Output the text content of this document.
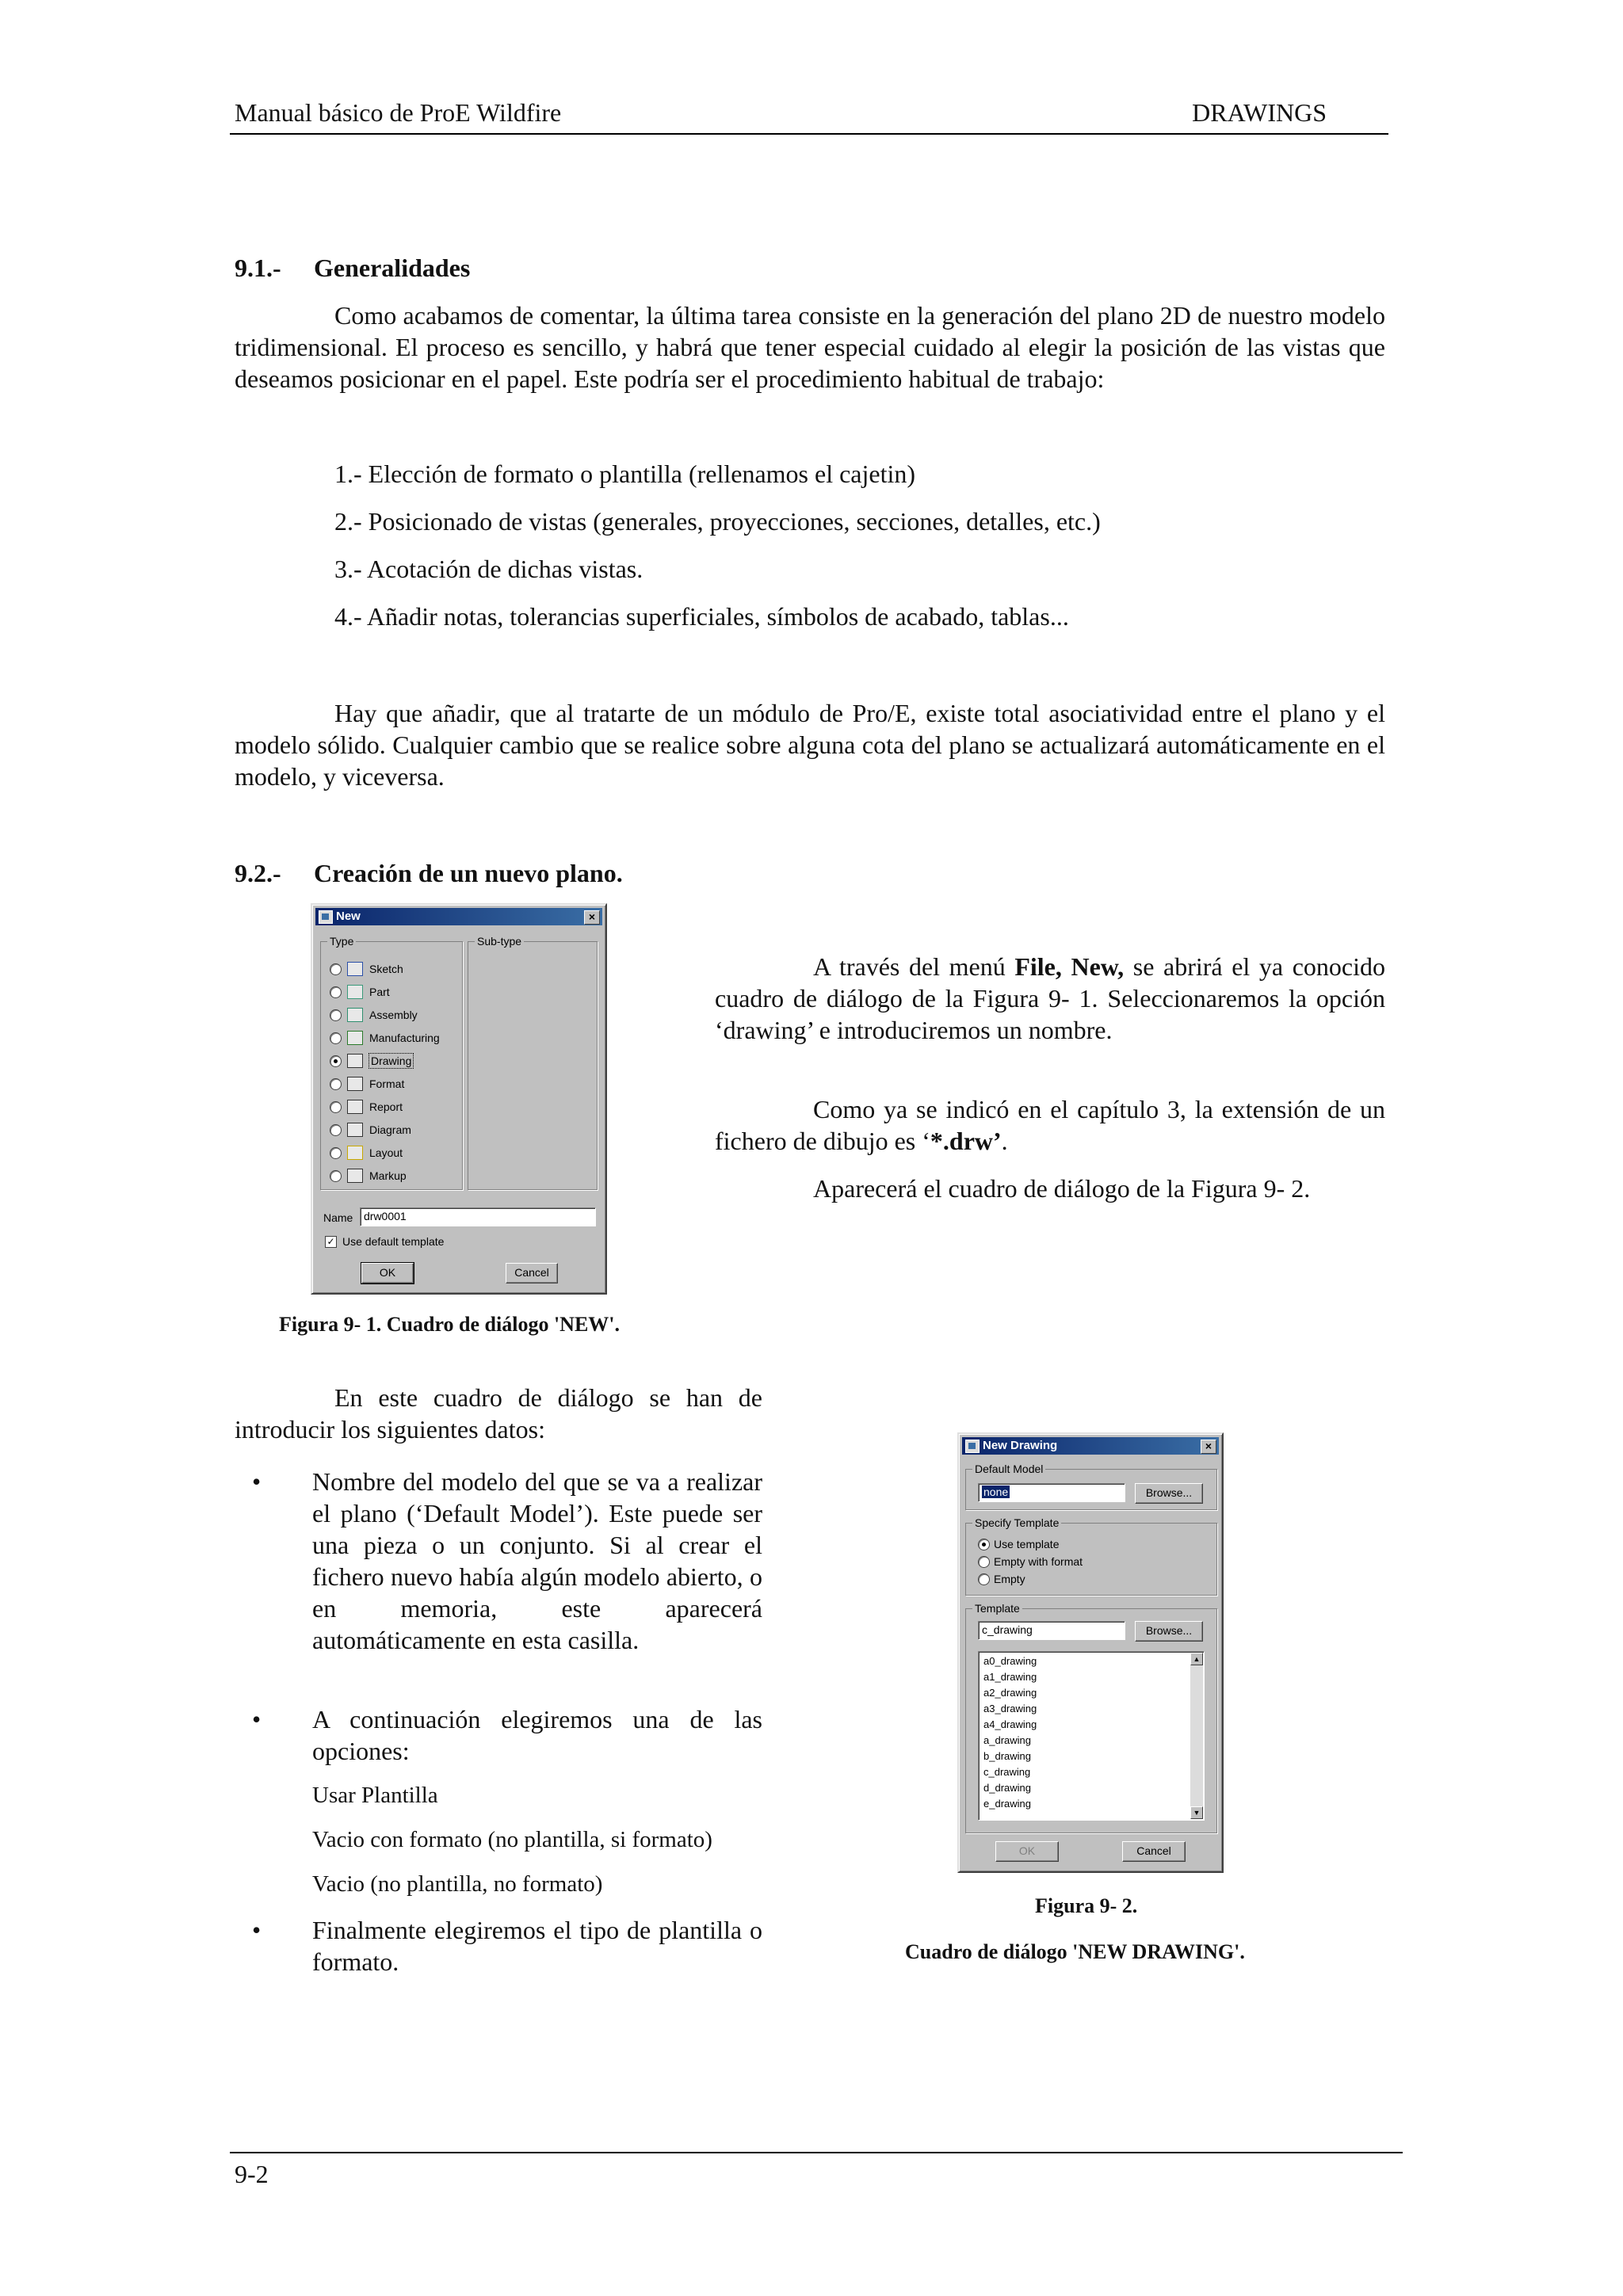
Manual básico de ProE Wildfire	DRAWINGS
9.1.- Generalidades

Como acabamos de comentar, la última tarea consiste en la generación del plano 2D de nuestro modelo tridimensional. El proceso es sencillo, y habrá que tener especial cuidado al elegir la posición de las vistas que deseamos posicionar en el papel. Este podría ser el procedimiento habitual de trabajo:

1.- Elección de formato o plantilla (rellenamos el cajetin)
2.- Posicionado de vistas (generales, proyecciones, secciones, detalles, etc.)
3.- Acotación de dichas vistas.
4.- Añadir notas, tolerancias superficiales, símbolos de acabado, tablas...

Hay que añadir, que al tratarte de un módulo de Pro/E, existe total asociatividad entre el plano y el modelo sólido. Cualquier cambio que se realice sobre alguna cota del plano se actualizará automáticamente en el modelo, y viceversa.

9.2.- Creación de un nuevo plano.
New	×
Type	Sub-type
Sketch
Part
Assembly
Manufacturing
Drawing
Format
Report
Diagram
Layout
Markup
Name drw0001
✓ Use default template
OK	Cancel

A través del menú File, New, se abrirá el ya conocido cuadro de diálogo de la Figura 9- 1. Seleccionaremos la opción ‘drawing’ e introduciremos un nombre.

Como ya se indicó en el capítulo 3, la extensión de un fichero de dibujo es ‘*.drw’.

Aparecerá el cuadro de diálogo de la Figura 9- 2.

Figura 9- 1. Cuadro de diálogo 'NEW'.

En este cuadro de diálogo se han de introducir los siguientes datos:

• Nombre del modelo del que se va a realizar el plano (‘Default Model’). Este puede ser una pieza o un conjunto. Si al crear el fichero nuevo había algún modelo abierto, o en memoria, este aparecerá automáticamente en esta casilla.

• A continuación elegiremos una de las opciones:

Usar Plantilla
Vacio con formato (no plantilla, si formato)
Vacio (no plantilla, no formato)
• Finalmente elegiremos el tipo de plantilla o formato.

New Drawing	×
Default Model
none	Browse...
Specify Template
Use template
Empty with format
Empty
Template
c_drawing	Browse...
a0_drawing
a1_drawing
a2_drawing
a3_drawing
a4_drawing
a_drawing
b_drawing
c_drawing
d_drawing
e_drawing
▲
▼
OK	Cancel
Figura 9- 2.
Cuadro de diálogo 'NEW DRAWING'.
9-2
